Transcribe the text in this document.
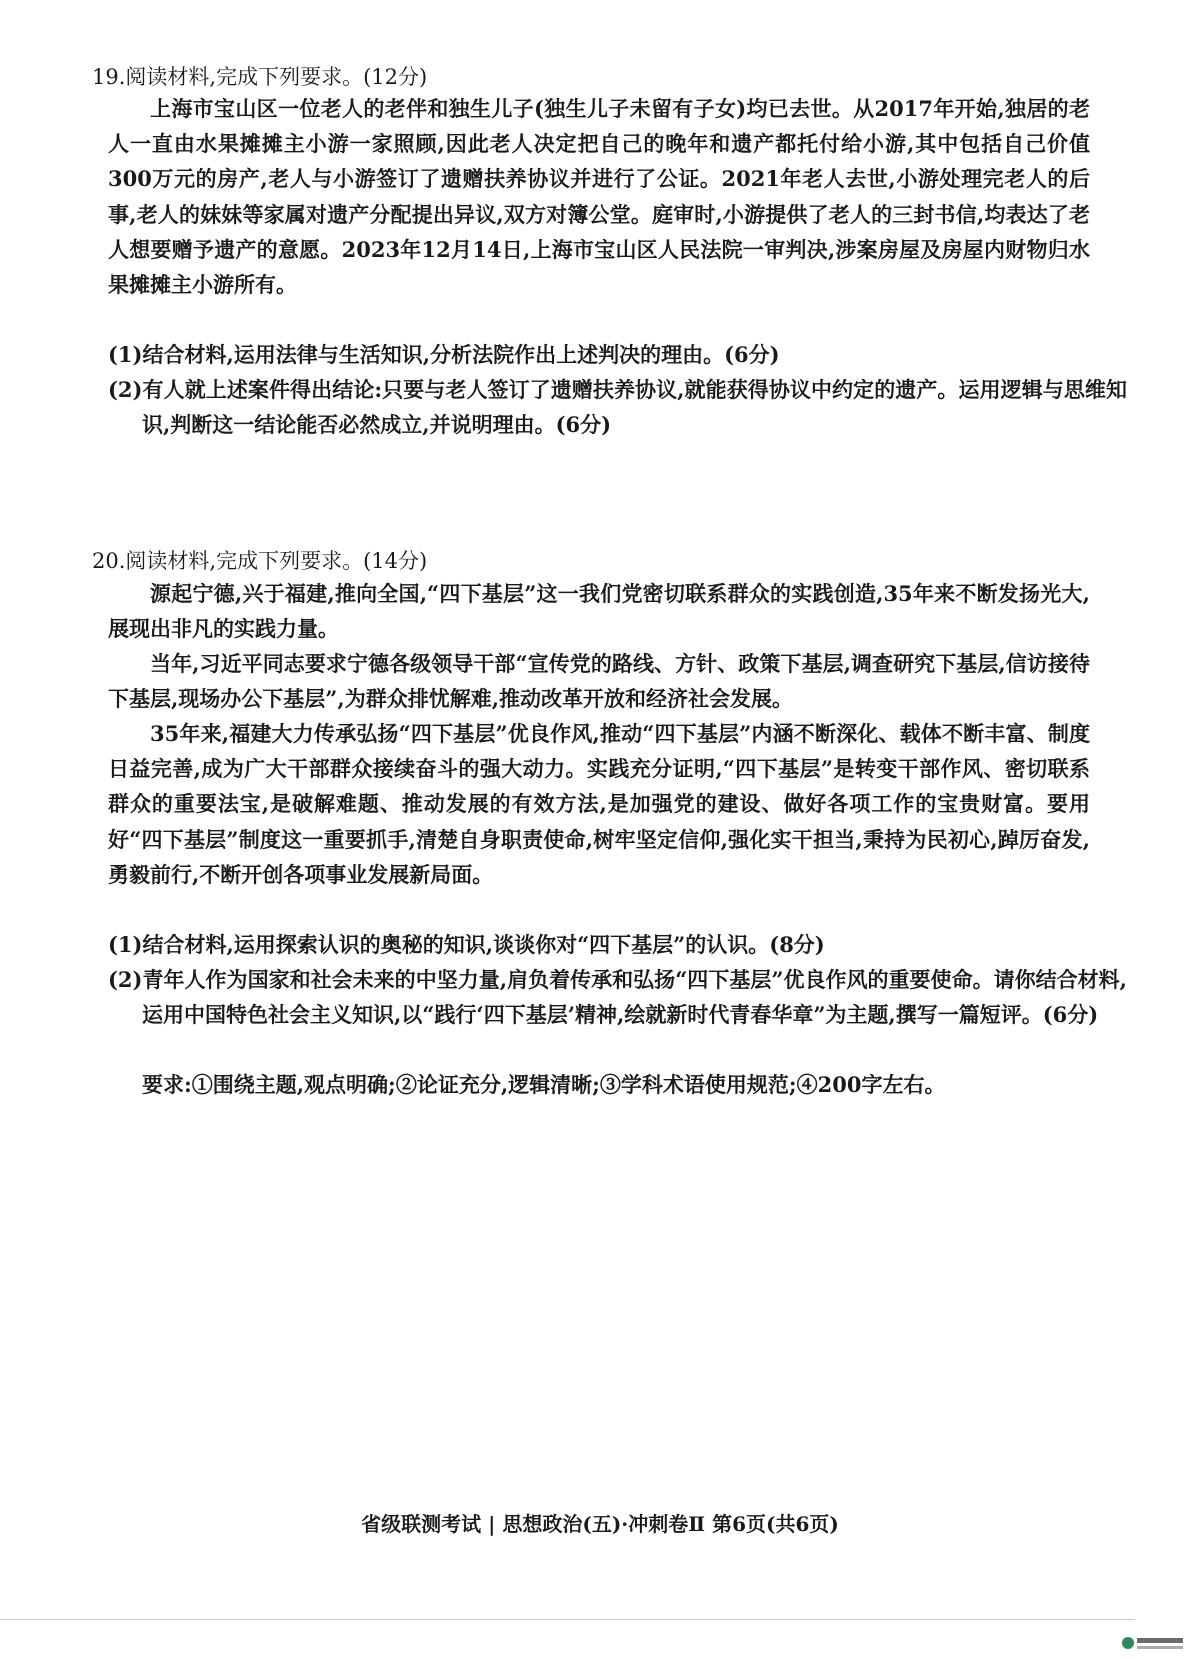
19.阅读材料,完成下列要求。(12分)

上海市宝山区一位老人的老伴和独生儿子(独生儿子未留有子女)均已去世。从2017年开始,独居的老人一直由水果摊摊主小游一家照顾,因此老人决定把自己的晚年和遗产都托付给小游,其中包括自己价值300万元的房产,老人与小游签订了遗赠扶养协议并进行了公证。2021年老人去世,小游处理完老人的后事,老人的妹妹等家属对遗产分配提出异议,双方对簿公堂。庭审时,小游提供了老人的三封书信,均表达了老人想要赠予遗产的意愿。2023年12月14日,上海市宝山区人民法院一审判决,涉案房屋及房屋内财物归水果摊摊主小游所有。

(1)结合材料,运用法律与生活知识,分析法院作出上述判决的理由。(6分)

(2)有人就上述案件得出结论:只要与老人签订了遗赠扶养协议,就能获得协议中约定的遗产。运用逻辑与思维知识,判断这一结论能否必然成立,并说明理由。(6分)

20.阅读材料,完成下列要求。(14分)

源起宁德,兴于福建,推向全国,“四下基层”这一我们党密切联系群众的实践创造,35年来不断发扬光大,展现出非凡的实践力量。

当年,习近平同志要求宁德各级领导干部“宣传党的路线、方针、政策下基层,调查研究下基层,信访接待下基层,现场办公下基层”,为群众排忧解难,推动改革开放和经济社会发展。

35年来,福建大力传承弘扬“四下基层”优良作风,推动“四下基层”内涵不断深化、载体不断丰富、制度日益完善,成为广大干部群众接续奋斗的强大动力。实践充分证明,“四下基层”是转变干部作风、密切联系群众的重要法宝,是破解难题、推动发展的有效方法,是加强党的建设、做好各项工作的宝贵财富。要用好“四下基层”制度这一重要抓手,清楚自身职责使命,树牢坚定信仰,强化实干担当,秉持为民初心,踔厉奋发,勇毅前行,不断开创各项事业发展新局面。

(1)结合材料,运用探索认识的奥秘的知识,谈谈你对“四下基层”的认识。(8分)

(2)青年人作为国家和社会未来的中坚力量,肩负着传承和弘扬“四下基层”优良作风的重要使命。请你结合材料,运用中国特色社会主义知识,以“践行‘四下基层’精神,绘就新时代青春华章”为主题,撰写一篇短评。(6分)

要求:①围绕主题,观点明确;②论证充分,逻辑清晰;③学科术语使用规范;④200字左右。

省级联测考试 | 思想政治(五)·冲刺卷Ⅱ 第6页(共6页)
